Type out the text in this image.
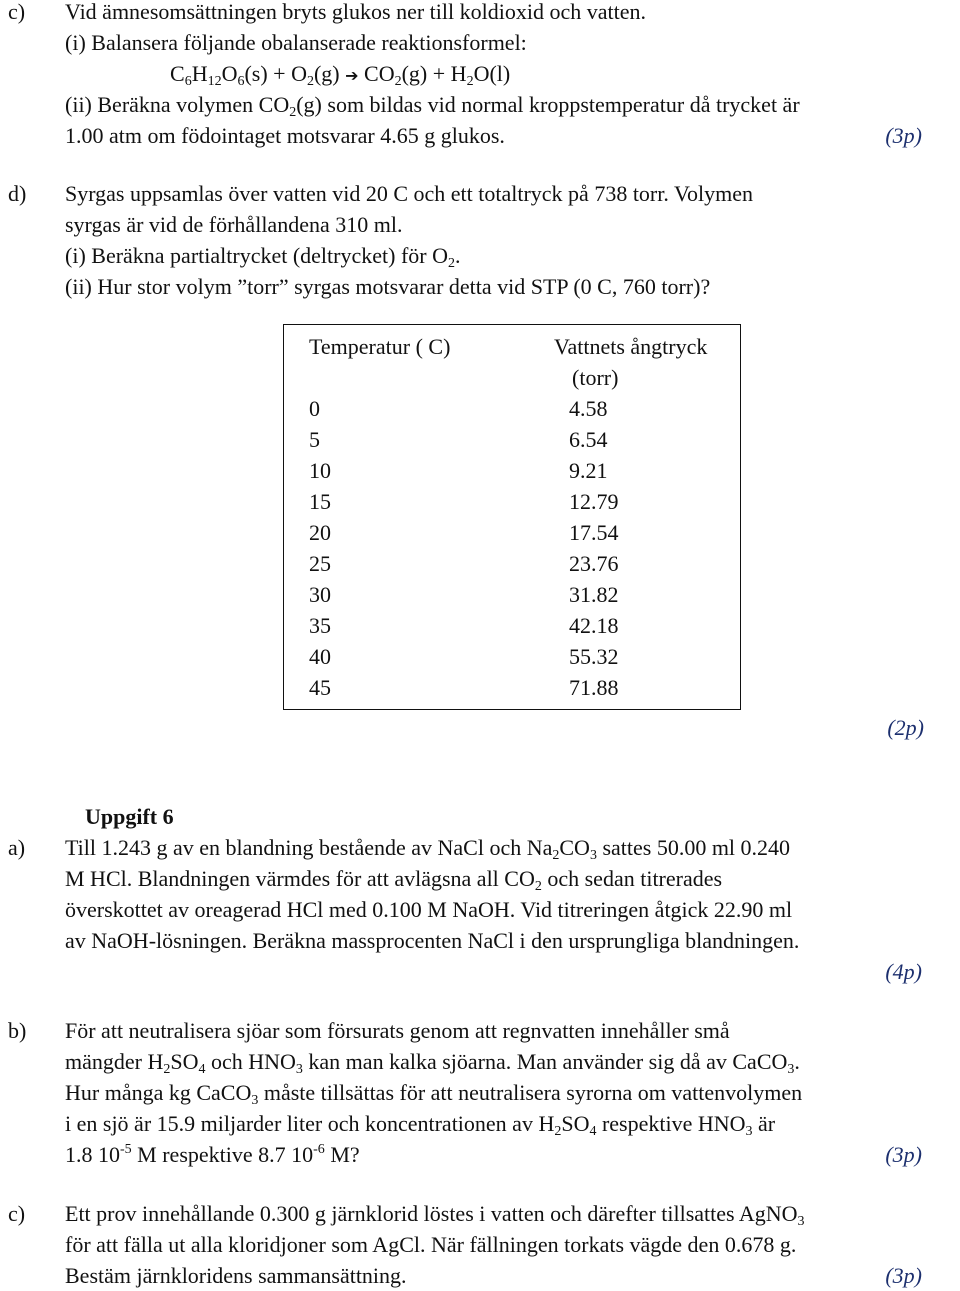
c) Vid ämnesomsättningen bryts glukos ner till koldioxid och vatten.
(i) Balansera följande obalanserade reaktionsformel:
$C_6H_{12}O_6(s) + O_2(g)$ ➔ $CO_2(g) + H_2O(l)$
(ii) Beräkna volymen $CO_2(g)$ som bildas vid normal kroppstemperatur då trycket är
1.00 atm om födointaget motsvarar 4.65 g glukos.	(3p)
d) Syrgas uppsamlas över vatten vid 20 C och ett totaltryck på 738 torr. Volymen
syrgas är vid de förhållandena 310 ml.
(i) Beräkna partialtrycket (deltrycket) för $O_2$.
(ii) Hur stor volym ”torr” syrgas motsvarar detta vid STP (0 C, 760 torr)?
Temperatur ( C)	Vattnets ångtryck

(torr)

0	4.58
5	6.54
10	9.21
15	12.79
20	17.54
25	23.76
30	31.82
35	42.18
40	55.32
45	71.88
(2p)
Uppgift 6
a) Till 1.243 g av en blandning bestående av NaCl och $Na_2CO_3$ sattes 50.00 ml 0.240
M HCl. Blandningen värmdes för att avlägsna all $CO_2$ och sedan titrerades
överskottet av oreagerad HCl med 0.100 M NaOH. Vid titreringen åtgick 22.90 ml
av NaOH-lösningen. Beräkna massprocenten NaCl i den ursprungliga blandningen.
(4p)
b) För att neutralisera sjöar som försurats genom att regnvatten innehåller små
mängder $H_2SO_4$ och $HNO_3$ kan man kalka sjöarna. Man använder sig då av CaCO$_3$.
Hur många kg CaCO$_3$ måste tillsättas för att neutralisera syrorna om vattenvolymen
i en sjö är 15.9 miljarder liter och koncentrationen av $H_2SO_4$ respektive $HNO_3$ är
1.8 $10^{-5}$ M respektive 8.7 $10^{-6}$ M?	(3p)
c) Ett prov innehållande 0.300 g järnklorid löstes i vatten och därefter tillsattes AgNO$_3$
för att fälla ut alla kloridjoner som AgCl. När fällningen torkats vägde den 0.678 g.
Bestäm järnkloridens sammansättning.	(3p)
